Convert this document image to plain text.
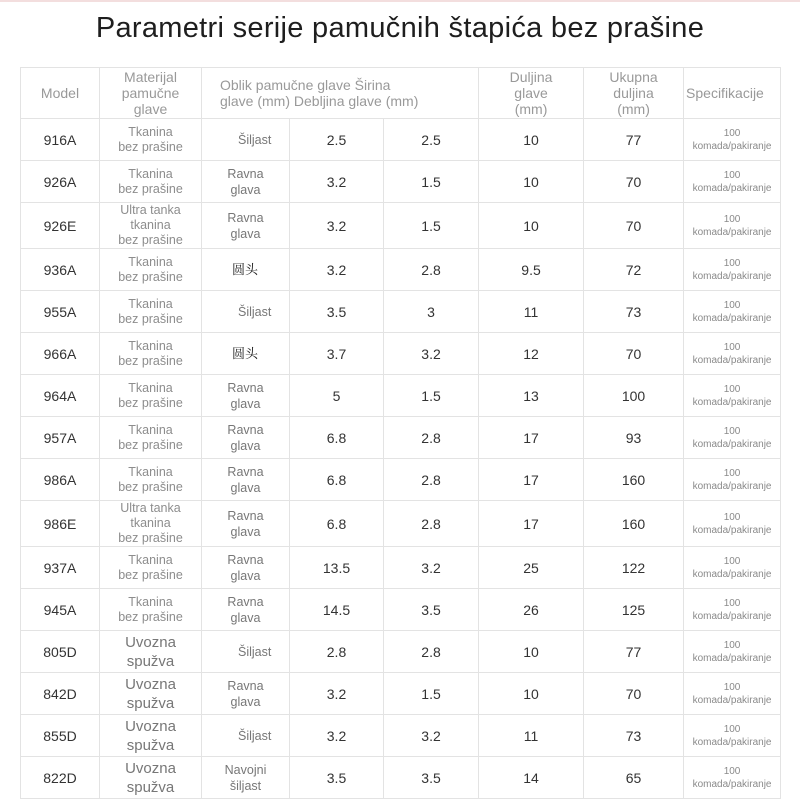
Parametri serije pamučnih štapića bez prašine
Model	Materijal
pamučne
glave	Oblik pamučne glave Širina
glave (mm) Debljina glave (mm)			Duljina
glave
(mm)	Ukupna
duljina
(mm)	Specifikacije
916A	Tkanina
bez prašine	Šiljast	2.5	2.5	10	77	100
komada/pakiranje
926A	Tkanina
bez prašine	Ravna
glava	3.2	1.5	10	70	100
komada/pakiranje
926E	Ultra tanka
tkanina
bez prašine	Ravna
glava	3.2	1.5	10	70	100
komada/pakiranje
936A	Tkanina
bez prašine	圆头	3.2	2.8	9.5	72	100
komada/pakiranje
955A	Tkanina
bez prašine	Šiljast	3.5	3	11	73	100
komada/pakiranje
966A	Tkanina
bez prašine	圆头	3.7	3.2	12	70	100
komada/pakiranje
964A	Tkanina
bez prašine	Ravna
glava	5	1.5	13	100	100
komada/pakiranje
957A	Tkanina
bez prašine	Ravna
glava	6.8	2.8	17	93	100
komada/pakiranje
986A	Tkanina
bez prašine	Ravna
glava	6.8	2.8	17	160	100
komada/pakiranje
986E	Ultra tanka
tkanina
bez prašine	Ravna
glava	6.8	2.8	17	160	100
komada/pakiranje
937A	Tkanina
bez prašine	Ravna
glava	13.5	3.2	25	122	100
komada/pakiranje
945A	Tkanina
bez prašine	Ravna
glava	14.5	3.5	26	125	100
komada/pakiranje
805D	Uvozna
spužva	Šiljast	2.8	2.8	10	77	100
komada/pakiranje
842D	Uvozna
spužva	Ravna
glava	3.2	1.5	10	70	100
komada/pakiranje
855D	Uvozna
spužva	Šiljast	3.2	3.2	11	73	100
komada/pakiranje
822D	Uvozna
spužva	Navojni
šiljast	3.5	3.5	14	65	100
komada/pakiranje
